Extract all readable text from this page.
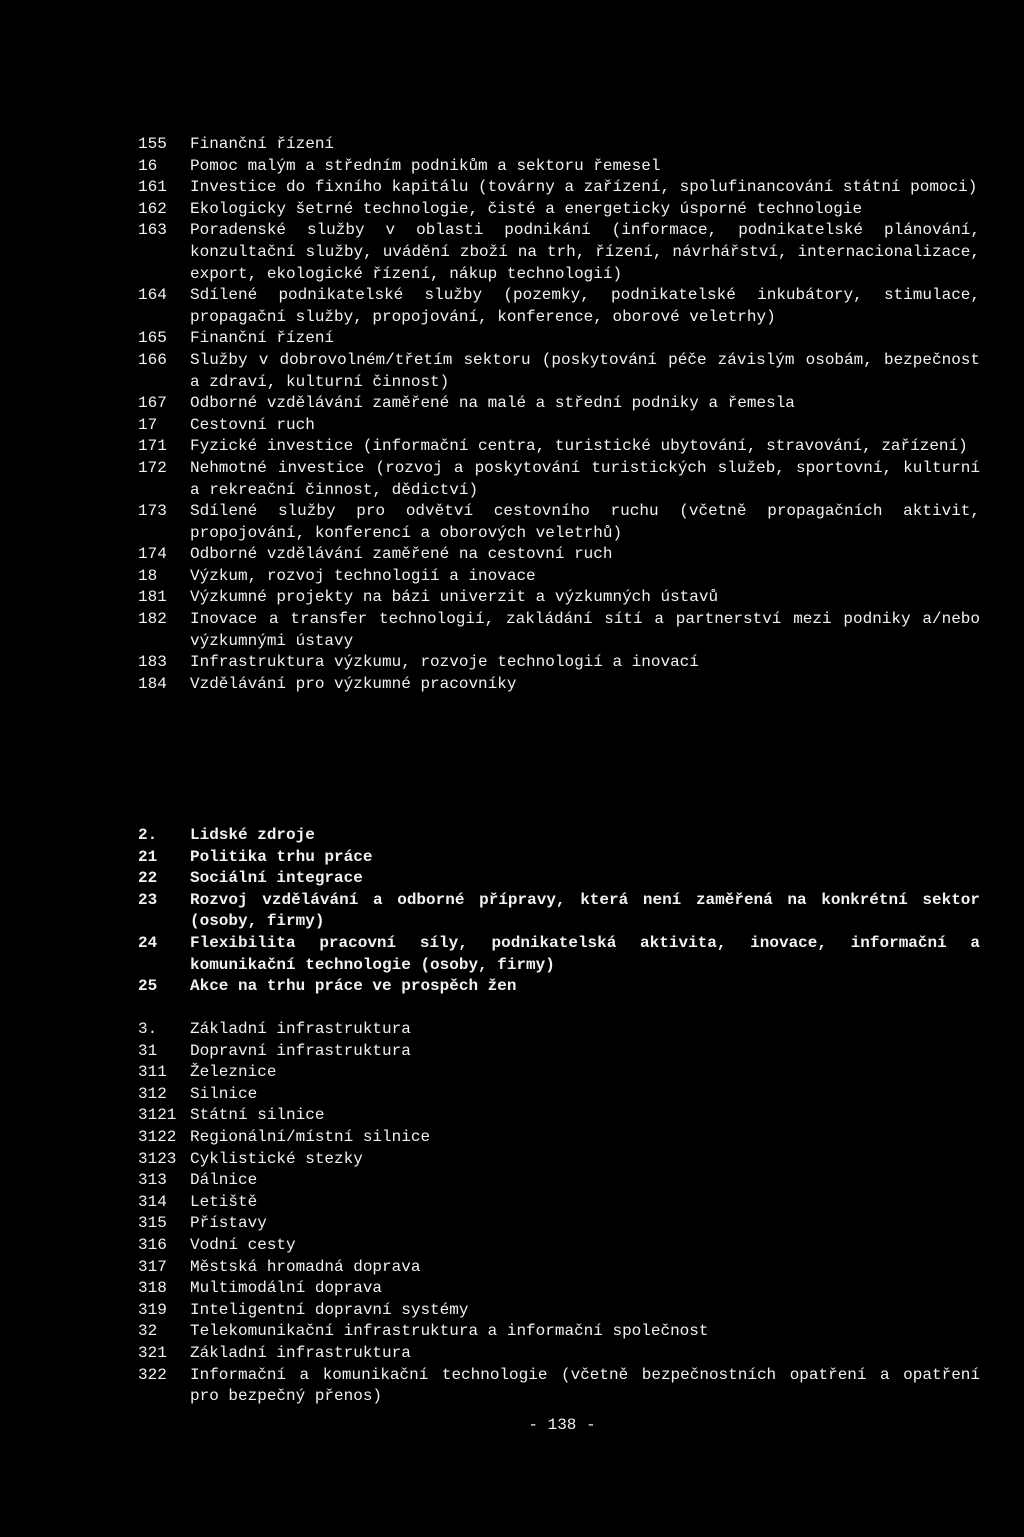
155	Finanční řízení
16	Pomoc malým a středním podnikům a sektoru řemesel
161	Investice do fixního kapitálu (továrny a zařízení, spolufinancování státní pomoci)
162	Ekologicky šetrné technologie, čisté a energeticky úsporné technologie
163	Poradenské služby v oblasti podnikání (informace, podnikatelské plánování, konzultační služby, uvádění zboží na trh, řízení, návrhářství, internacionalizace, export, ekologické řízení, nákup technologií)
164	Sdílené podnikatelské služby (pozemky, podnikatelské inkubátory, stimulace, propagační služby, propojování, konference, oborové veletrhy)
165	Finanční řízení
166	Služby v dobrovolném/třetím sektoru (poskytování péče závislým osobám, bezpečnost a zdraví, kulturní činnost)
167	Odborné vzdělávání zaměřené na malé a střední podniky a řemesla
17	Cestovní ruch
171	Fyzické investice (informační centra, turistické ubytování, stravování, zařízení)
172	Nehmotné investice (rozvoj a poskytování turistických služeb, sportovní, kulturní a rekreační činnost, dědictví)
173	Sdílené služby pro odvětví cestovního ruchu (včetně propagačních aktivit, propojování, konferencí a oborových veletrhů)
174	Odborné vzdělávání zaměřené na cestovní ruch
18	Výzkum, rozvoj technologií a inovace
181	Výzkumné projekty na bázi univerzit a výzkumných ústavů
182	Inovace a transfer technologií, zakládání sítí a partnerství mezi podniky a/nebo výzkumnými ústavy
183	Infrastruktura výzkumu, rozvoje technologií a inovací
184	Vzdělávání pro výzkumné pracovníky
2.	Lidské zdroje
21	Politika trhu práce
22	Sociální integrace
23	Rozvoj vzdělávání a odborné přípravy, která není zaměřená na konkrétní sektor (osoby, firmy)
24	Flexibilita pracovní síly, podnikatelská aktivita, inovace, informační a komunikační technologie (osoby, firmy)
25	Akce na trhu práce ve prospěch žen
3.	Základní infrastruktura
31	Dopravní infrastruktura
311	Železnice
312	Silnice
3121 Státní silnice
3122 Regionální/místní silnice
3123 Cyklistické stezky
313	Dálnice
314	Letiště
315	Přístavy
316	Vodní cesty
317	Městská hromadná doprava
318	Multimodální doprava
319	Inteligentní dopravní systémy
32	Telekomunikační infrastruktura a informační společnost
321	Základní infrastruktura
322	Informační a komunikační technologie (včetně bezpečnostních opatření a opatření pro bezpečný přenos)
- 138 -
